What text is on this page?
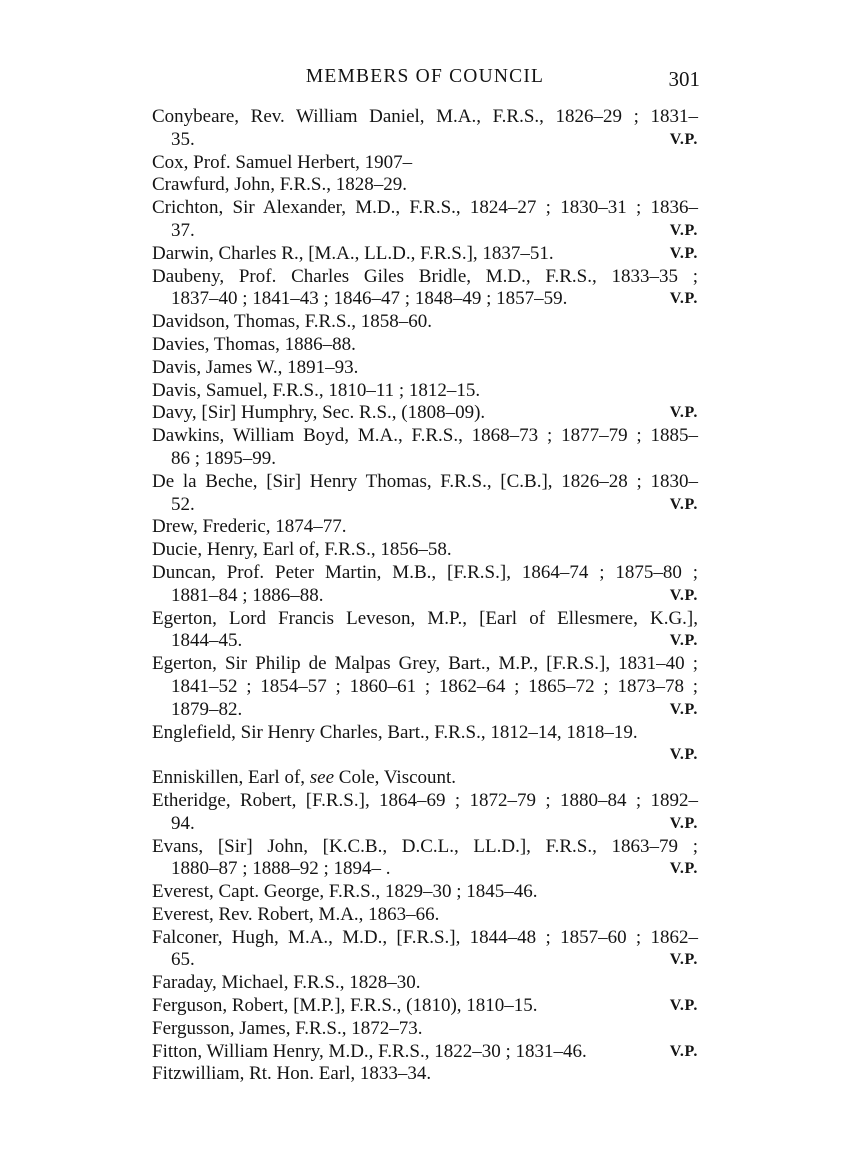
MEMBERS OF COUNCIL	301
Conybeare, Rev. William Daniel, M.A., F.R.S., 1826–29 ; 1831–
35.	V.P.
Cox, Prof. Samuel Herbert, 1907–
Crawfurd, John, F.R.S., 1828–29.
Crichton, Sir Alexander, M.D., F.R.S., 1824–27 ; 1830–31 ; 1836–
37.	V.P.
Darwin, Charles R., [M.A., LL.D., F.R.S.], 1837–51.	V.P.
Daubeny, Prof. Charles Giles Bridle, M.D., F.R.S., 1833–35 ;
1837–40 ; 1841–43 ; 1846–47 ; 1848–49 ; 1857–59.	V.P.
Davidson, Thomas, F.R.S., 1858–60.
Davies, Thomas, 1886–88.
Davis, James W., 1891–93.
Davis, Samuel, F.R.S., 1810–11 ; 1812–15.
Davy, [Sir] Humphry, Sec. R.S., (1808–09).	V.P.
Dawkins, William Boyd, M.A., F.R.S., 1868–73 ; 1877–79 ; 1885–
86 ; 1895–99.
De la Beche, [Sir] Henry Thomas, F.R.S., [C.B.], 1826–28 ; 1830–
52.	V.P.
Drew, Frederic, 1874–77.
Ducie, Henry, Earl of, F.R.S., 1856–58.
Duncan, Prof. Peter Martin, M.B., [F.R.S.], 1864–74 ; 1875–80 ;
1881–84 ; 1886–88.	V.P.
Egerton, Lord Francis Leveson, M.P., [Earl of Ellesmere, K.G.],
1844–45.	V.P.
Egerton, Sir Philip de Malpas Grey, Bart., M.P., [F.R.S.], 1831–40 ;
1841–52 ; 1854–57 ; 1860–61 ; 1862–64 ; 1865–72 ; 1873–78 ;
1879–82.	V.P.
Englefield, Sir Henry Charles, Bart., F.R.S., 1812–14, 1818–19.
V.P.
Enniskillen, Earl of, see Cole, Viscount.
Etheridge, Robert, [F.R.S.], 1864–69 ; 1872–79 ; 1880–84 ; 1892–
94.	V.P.
Evans, [Sir] John, [K.C.B., D.C.L., LL.D.], F.R.S., 1863–79 ;
1880–87 ; 1888–92 ; 1894– .	V.P.
Everest, Capt. George, F.R.S., 1829–30 ; 1845–46.
Everest, Rev. Robert, M.A., 1863–66.
Falconer, Hugh, M.A., M.D., [F.R.S.], 1844–48 ; 1857–60 ; 1862–
65.	V.P.
Faraday, Michael, F.R.S., 1828–30.
Ferguson, Robert, [M.P.], F.R.S., (1810), 1810–15.	V.P.
Fergusson, James, F.R.S., 1872–73.
Fitton, William Henry, M.D., F.R.S., 1822–30 ; 1831–46.	V.P.
Fitzwilliam, Rt. Hon. Earl, 1833–34.
